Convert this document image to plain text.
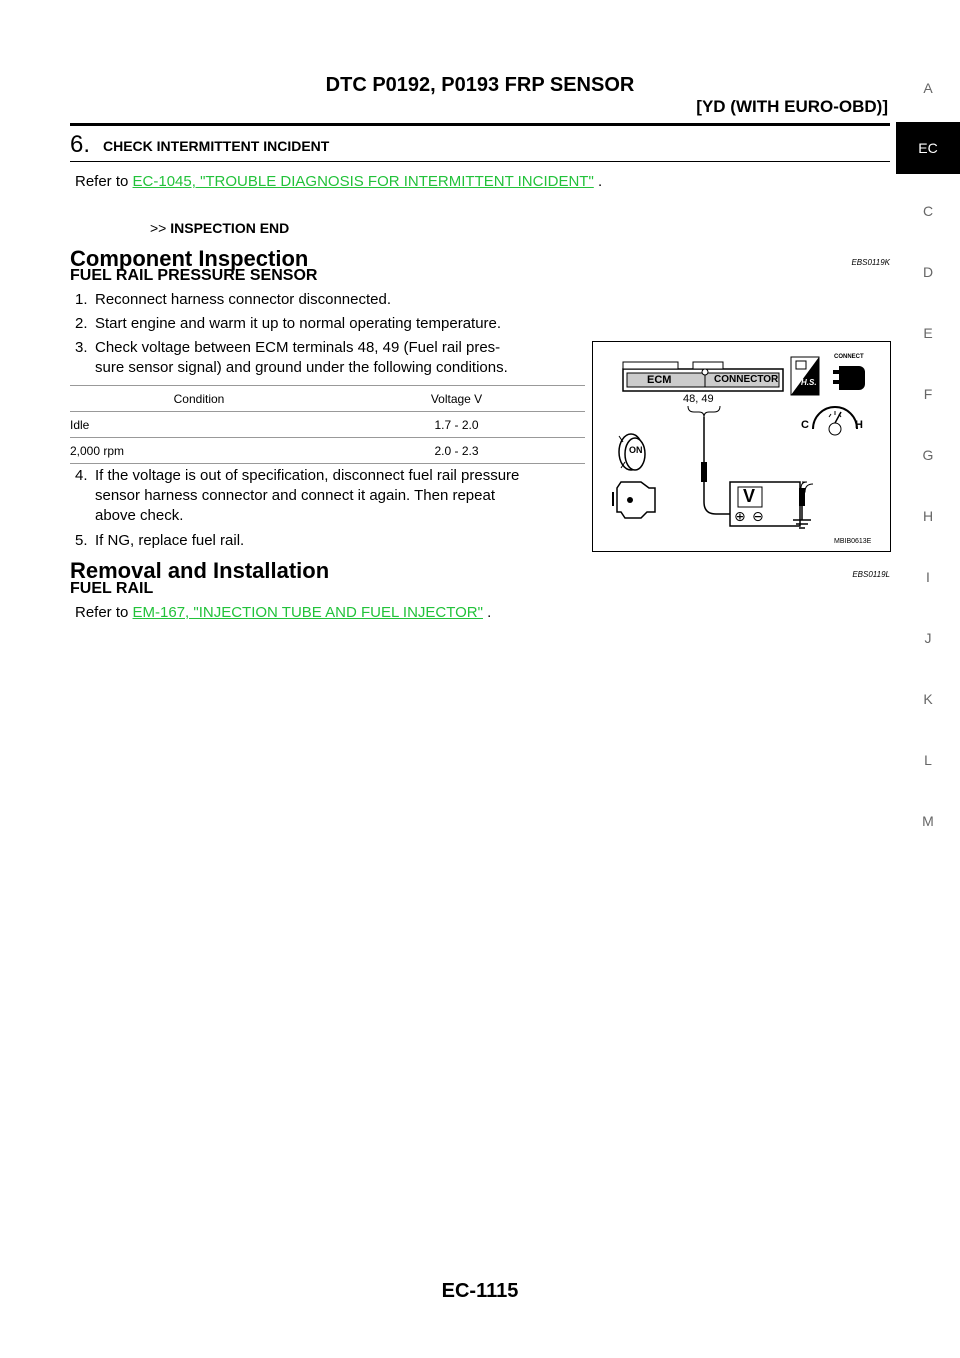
DTC P0192, P0193 FRP SENSOR
[YD (WITH EURO-OBD)]
6. CHECK INTERMITTENT INCIDENT
Refer to EC-1045, "TROUBLE DIAGNOSIS FOR INTERMITTENT INCIDENT" .
>> INSPECTION END
Component Inspection	EBS0119K
FUEL RAIL PRESSURE SENSOR
1. Reconnect harness connector disconnected.
2. Start engine and warm it up to normal operating temperature.
3. Check voltage between ECM terminals 48, 49 (Fuel rail pres-
sure sensor signal) and ground under the following conditions.
Condition	Voltage V
Idle	1.7 - 2.0
2,000 rpm	2.0 - 2.3
4. If the voltage is out of specification, disconnect fuel rail pressure
sensor harness connector and connect it again. Then repeat
above check.
5. If NG, replace fuel rail.
ECM	CONNECTOR	H.S.
CONNECT
48, 49
C	H
ON
V
⊕ ⊖
MBIB0613E
Removal and Installation	EBS0119L
FUEL RAIL
Refer to EM-167, "INJECTION TUBE AND FUEL INJECTOR" .
A
EC
C
D
E
F
G
H
I
J
K
L
M
EC-1115
